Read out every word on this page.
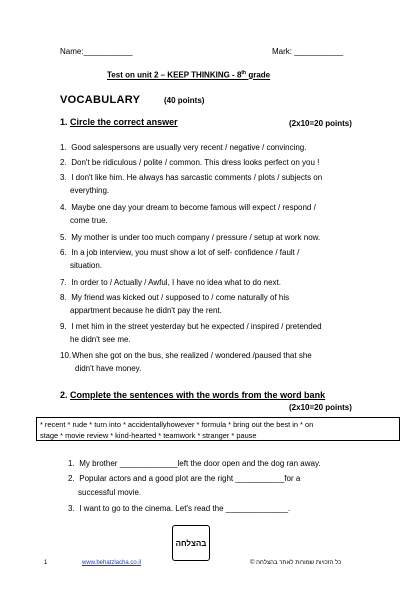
Name:___________	Mark: ___________
Test on unit 2 – KEEP THINKING - 8th grade
VOCABULARY	(40 points)
1. Circle the correct answer	(2x10=20 points)
1. Good salespersons are usually very recent / negative / convincing.
2. Don't be ridiculous / polite / common. This dress looks perfect on you !
3. I don't like him. He always has sarcastic comments / plots / subjects on
everything.
4. Maybe one day your dream to become famous will expect / respond /
come true.
5. My mother is under too much company / pressure / setup at work now.
6. In a job interview, you must show a lot of self- confidence / fault /
situation.
7. In order to / Actually / Awful, I have no idea what to do next.
8. My friend was kicked out / supposed to / come naturally of his
appartment because he didn't pay the rent.
9. I met him in the street yesterday but he expected / inspired / pretended
he didn't see me.
10.When she got on the bus, she realized / wondered /paused that she
didn't have money.
2. Complete the sentences with the words from the word bank
(2x10=20 points)
* recent * rude * turn into * accidentallyhowever * formula * bring out the best in * on
stage * movie review * kind-hearted * teamwork * stranger * pause
1. My brother _____________left the door open and the dog ran away.
2. Popular actors and a good plot are the right ___________for a
successful movie.
3. I want to go to the cinema. Let's read the ______________.
בהצלחה
1	www.behatzlacha.co.il	כל הזכויות שמורות לאתר בהצלחה ©
